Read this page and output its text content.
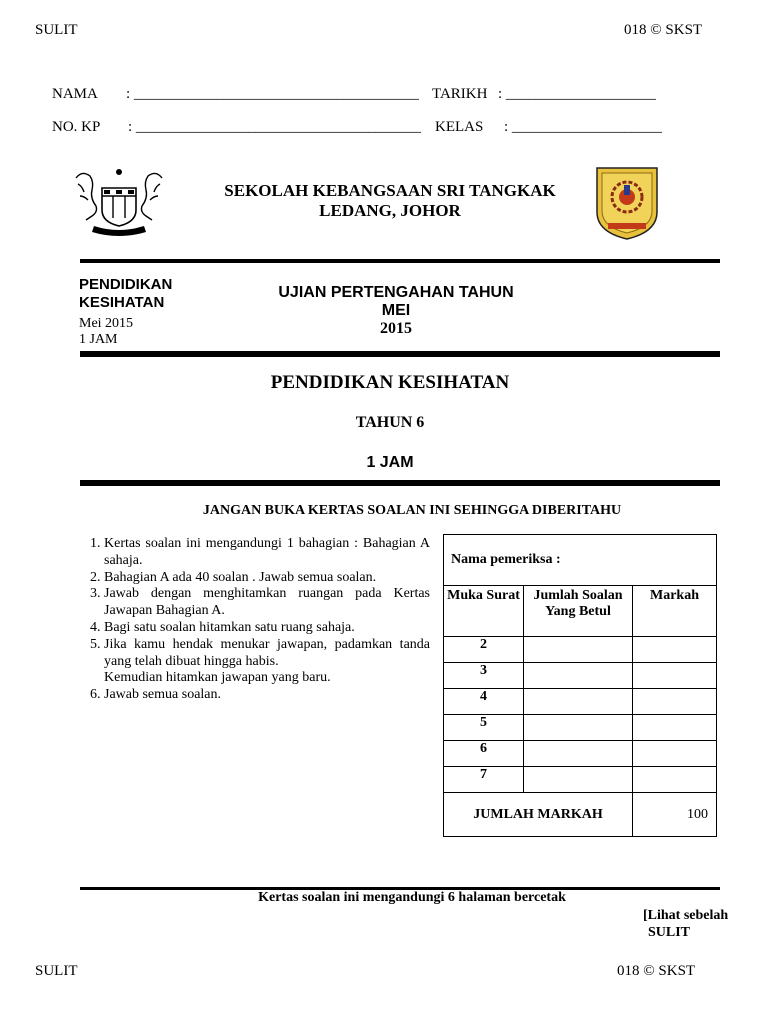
SULIT	018 © SKST
NAMA : ______________________________________ TARIKH : ____________________
NO. KP : ______________________________________ KELAS : ____________________
SEKOLAH KEBANGSAAN SRI TANGKAK
LEDANG, JOHOR
PENDIDIKAN
KESIHATAN
Mei 2015
1 JAM
UJIAN PERTENGAHAN TAHUN
MEI
2015
PENDIDIKAN KESIHATAN
TAHUN 6
1 JAM
JANGAN BUKA KERTAS SOALAN INI SEHINGGA DIBERITAHU
1. Kertas soalan ini mengandungi 1 bahagian : Bahagian A sahaja.
2. Bahagian A ada 40 soalan . Jawab semua soalan.
3. Jawab dengan menghitamkan ruangan pada Kertas Jawapan Bahagian A.
4. Bagi satu soalan hitamkan satu ruang sahaja.
5. Jika kamu hendak menukar jawapan, padamkan tanda yang telah dibuat hingga habis.
Kemudian hitamkan jawapan yang baru.
6. Jawab semua soalan.
Nama pemeriksa :		
Muka Surat	Jumlah Soalan Yang Betul	Markah
2		
3		
4		
5		
6		
7		
JUMLAH MARKAH		100
Kertas soalan ini mengandungi 6 halaman bercetak
[Lihat sebelah
SULIT
SULIT	018 © SKST
